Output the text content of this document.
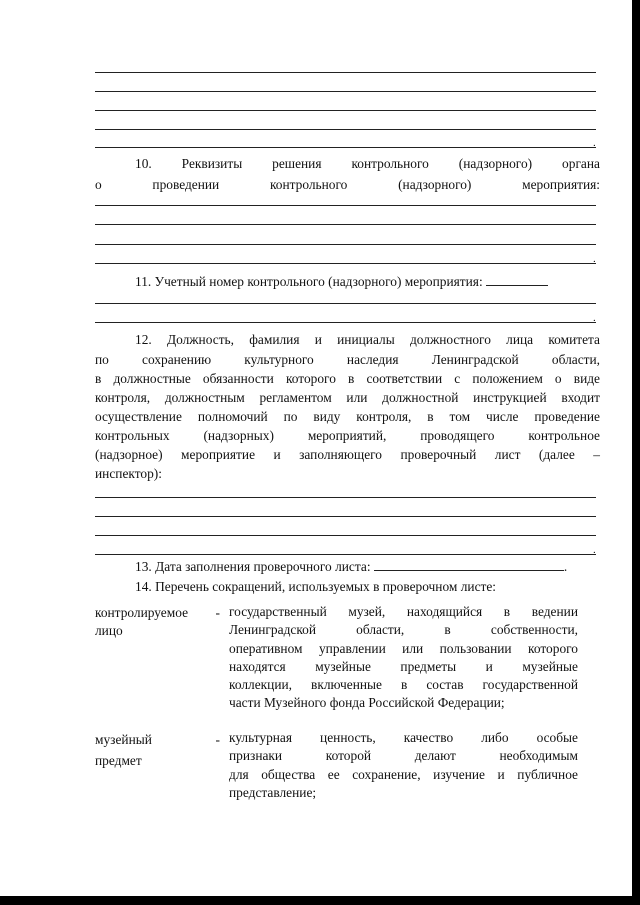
.
10. Реквизиты решения контрольного (надзорного) органа
о проведении контрольного (надзорного) мероприятия:
.
11. Учетный номер контрольного (надзорного) мероприятия:
.
12. Должность, фамилия и инициалы должностного лица комитета
по сохранению культурного наследия Ленинградской области,
в должностные обязанности которого в соответствии с положением о виде
контроля, должностным регламентом или должностной инструкцией входит
осуществление полномочий по виду контроля, в том числе проведение
контрольных (надзорных) мероприятий, проводящего контрольное
(надзорное) мероприятие и заполняющего проверочный лист (далее –
инспектор):
.
13. Дата заполнения проверочного листа:	.
14. Перечень сокращений, используемых в проверочном листе:
контролируемое
лицо
- государственный музей, находящийся в ведении
Ленинградской области, в собственности,
оперативном управлении или пользовании которого
находятся музейные предметы и музейные
коллекции, включенные в состав государственной
части Музейного фонда Российской Федерации;
музейный
предмет
- культурная ценность, качество либо особые
признаки которой делают необходимым
для общества ее сохранение, изучение и публичное
представление;
